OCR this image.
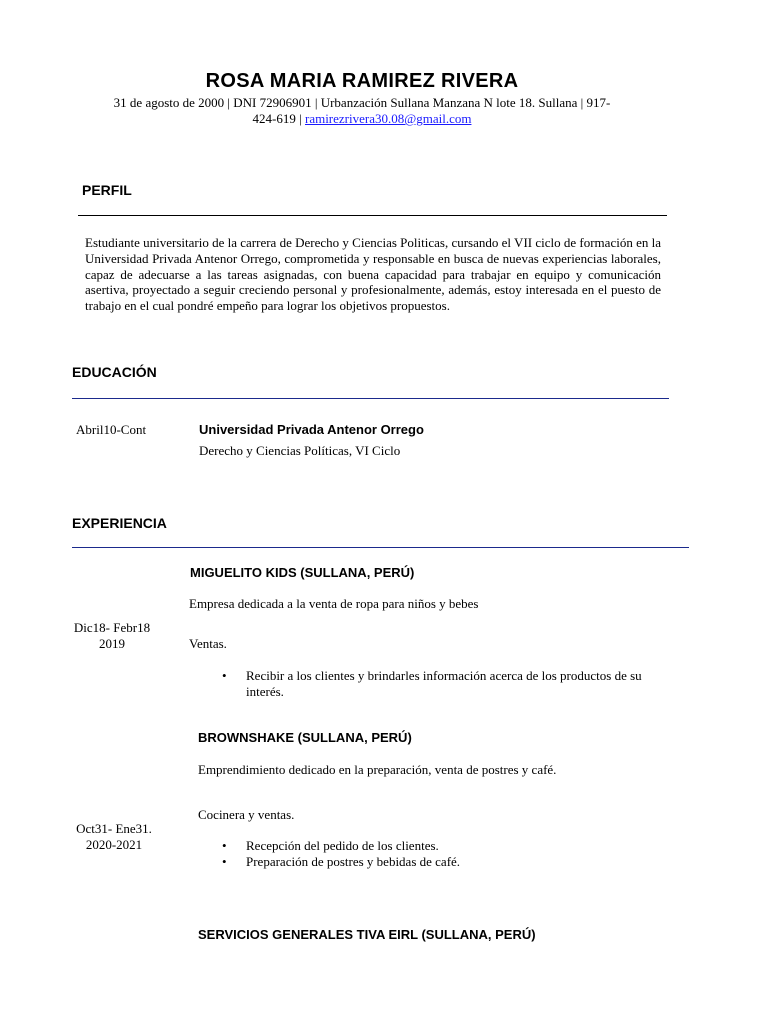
ROSA MARIA RAMIREZ RIVERA
31 de agosto de 2000 | DNI 72906901 | Urbanzación Sullana Manzana N lote 18. Sullana | 917-
424-619 | ramirezrivera30.08@gmail.com
PERFIL
Estudiante universitario de la carrera de Derecho y Ciencias Politicas, cursando el VII ciclo de formación en la Universidad Privada Antenor Orrego, comprometida y responsable en busca de nuevas experiencias laborales, capaz de adecuarse a las tareas asignadas, con buena capacidad para trabajar en equipo y comunicación asertiva, proyectado a seguir creciendo personal y profesionalmente, además, estoy interesada en el puesto de trabajo en el cual pondré empeño para lograr los objetivos propuestos.
EDUCACIÓN
Abril10-Cont	Universidad Privada Antenor Orrego
Derecho y Ciencias Políticas, VI Ciclo
EXPERIENCIA
MIGUELITO KIDS (SULLANA, PERÚ)
Empresa dedicada a la venta de ropa para niños y bebes
Dic18- Febr18
2019	Ventas.
• Recibir a los clientes y brindarles información acerca de los productos de su interés.
BROWNSHAKE (SULLANA, PERÚ)
Emprendimiento dedicado en la preparación, venta de postres y café.
Cocinera y ventas.
Oct31- Ene31.
2020-2021	• Recepción del pedido de los clientes.
• Preparación de postres y bebidas de café.
SERVICIOS GENERALES TIVA EIRL (SULLANA, PERÚ)
